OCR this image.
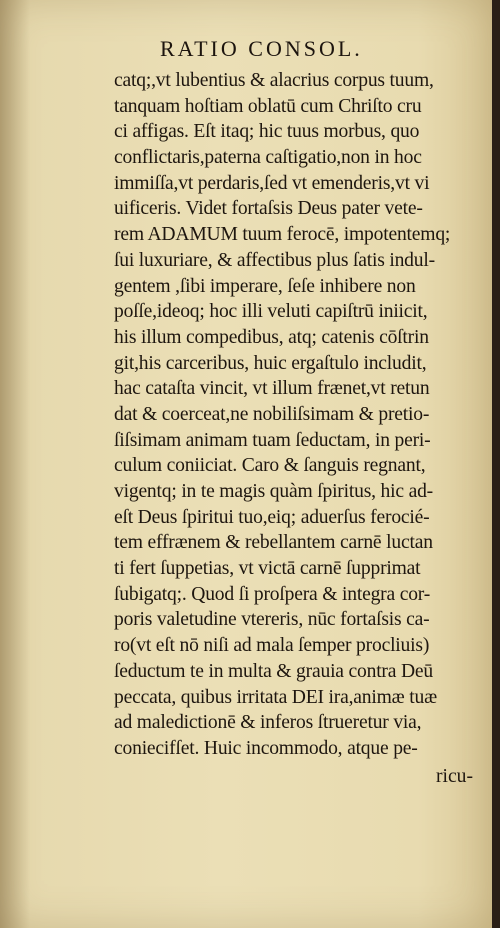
RATIO CONSOL.
catq;,vt lubentius & alacrius corpus tuum,
tanquam hoſtiam oblatū cum Chriſto cru
ci affigas. Eſt itaq; hic tuus morbus, quo
conflictaris,paterna caſtigatio,non in hoc
immiſſa,vt perdaris,ſed vt emenderis,vt vi
uificeris. Videt fortaſsis Deus pater vete-
rem ADAMUM tuum ferocē, impotentemq;
ſui luxuriare, & affectibus plus ſatis indul-
gentem ,ſibi imperare, ſeſe inhibere non
poſſe,ideoq; hoc illi veluti capiſtrū iniicit,
his illum compedibus, atq; catenis cōſtrin
git,his carceribus, huic ergaſtulo includit,
hac cataſta vincit, vt illum frænet,vt retun
dat & coerceat,ne nobiliſsimam & pretio-
ſiſsimam animam tuam ſeductam, in peri-
culum coniiciat. Caro & ſanguis regnant,
vigentq; in te magis quàm ſpiritus, hic ad-
eſt Deus ſpiritui tuo,eiq; aduerſus ferocié-
tem effrænem & rebellantem carnē luctan
ti fert ſuppetias, vt victā carnē ſupprimat
ſubigatq;. Quod ſi proſpera & integra cor-
poris valetudine vtereris, nūc fortaſsis ca-
ro(vt eſt nō niſi ad mala ſemper procliuis)
ſeductum te in multa & grauia contra Deū
peccata, quibus irritata DEI ira,animæ tuæ
ad maledictionē & inferos ſtrueretur via,
coniecifſet. Huic incommodo, atque pe-
ricu-
